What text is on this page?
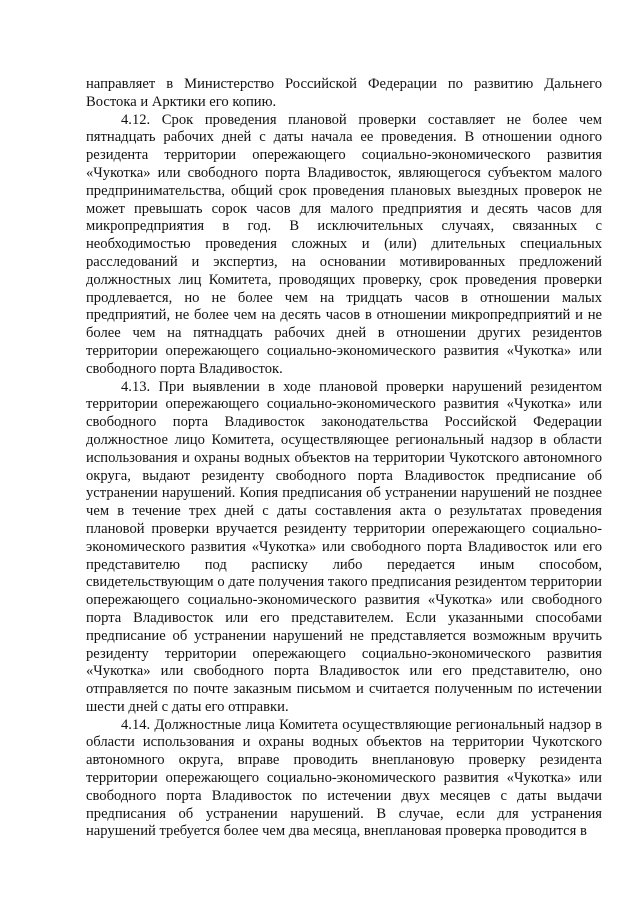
направляет в Министерство Российской Федерации по развитию Дальнего Востока и Арктики его копию.

4.12. Срок проведения плановой проверки составляет не более чем пятнадцать рабочих дней с даты начала ее проведения. В отношении одного резидента территории опережающего социально-экономического развития «Чукотка» или свободного порта Владивосток, являющегося субъектом малого предпринимательства, общий срок проведения плановых выездных проверок не может превышать сорок часов для малого предприятия и десять часов для микропредприятия в год. В исключительных случаях, связанных с необходимостью проведения сложных и (или) длительных специальных расследований и экспертиз, на основании мотивированных предложений должностных лиц Комитета, проводящих проверку, срок проведения проверки продлевается, но не более чем на тридцать часов в отношении малых предприятий, не более чем на десять часов в отношении микропредприятий и не более чем на пятнадцать рабочих дней в отношении других резидентов территории опережающего социально-экономического развития «Чукотка» или свободного порта Владивосток.

4.13. При выявлении в ходе плановой проверки нарушений резидентом территории опережающего социально-экономического развития «Чукотка» или свободного порта Владивосток законодательства Российской Федерации должностное лицо Комитета, осуществляющее региональный надзор в области использования и охраны водных объектов на территории Чукотского автономного округа, выдают резиденту свободного порта Владивосток предписание об устранении нарушений. Копия предписания об устранении нарушений не позднее чем в течение трех дней с даты составления акта о результатах проведения плановой проверки вручается резиденту территории опережающего социально-экономического развития «Чукотка» или свободного порта Владивосток или его представителю под расписку либо передается иным способом, свидетельствующим о дате получения такого предписания резидентом территории опережающего социально-экономического развития «Чукотка» или свободного порта Владивосток или его представителем. Если указанными способами предписание об устранении нарушений не представляется возможным вручить резиденту территории опережающего социально-экономического развития «Чукотка» или свободного порта Владивосток или его представителю, оно отправляется по почте заказным письмом и считается полученным по истечении шести дней с даты его отправки.

4.14. Должностные лица Комитета осуществляющие региональный надзор в области использования и охраны водных объектов на территории Чукотского автономного округа, вправе проводить внеплановую проверку резидента территории опережающего социально-экономического развития «Чукотка» или свободного порта Владивосток по истечении двух месяцев с даты выдачи предписания об устранении нарушений. В случае, если для устранения нарушений требуется более чем два месяца, внеплановая проверка проводится в
